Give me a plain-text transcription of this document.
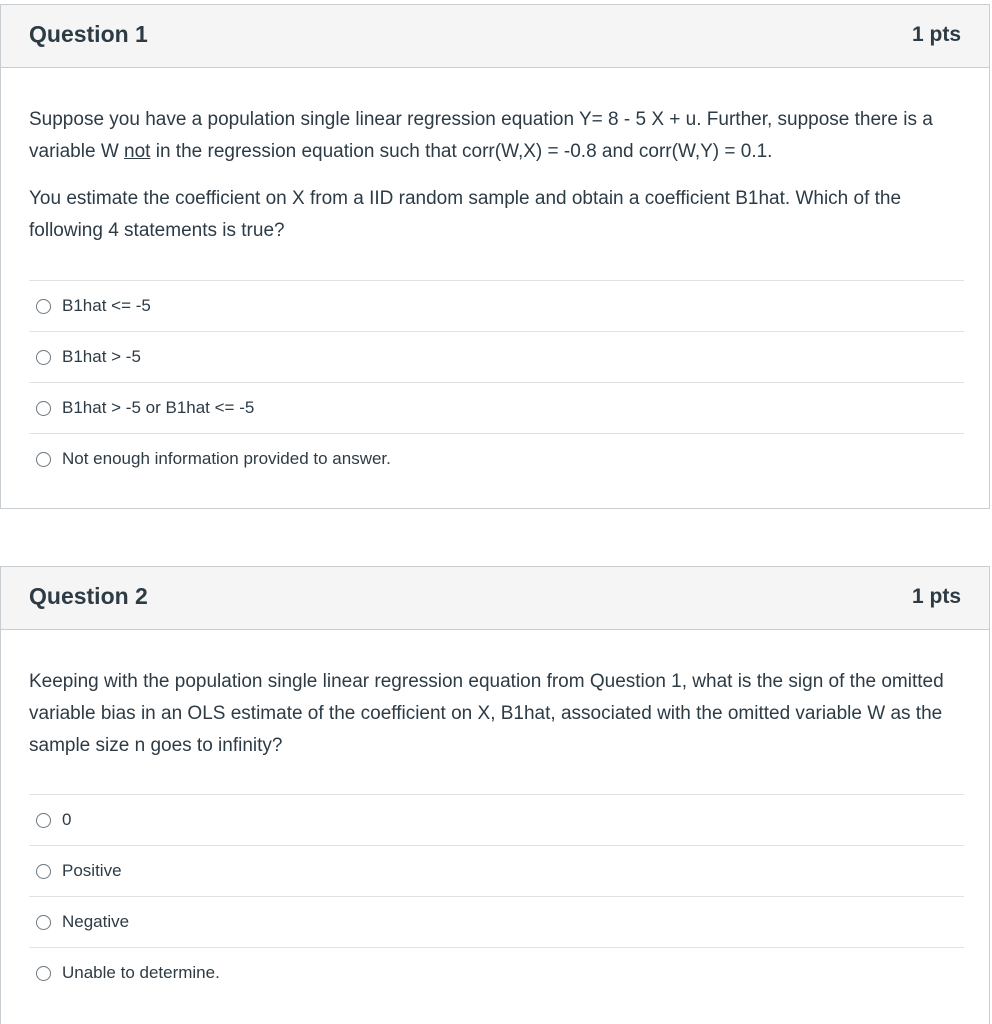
Question 1	1 pts

Suppose you have a population single linear regression equation Y= 8 - 5 X + u. Further, suppose there is a variable W not in the regression equation such that corr(W,X) = -0.8 and corr(W,Y) = 0.1.

You estimate the coefficient on X from a IID random sample and obtain a coefficient B1hat. Which of the following 4 statements is true?

B1hat <= -5
B1hat > -5
B1hat > -5 or B1hat <= -5
Not enough information provided to answer.
Question 2	1 pts

Keeping with the population single linear regression equation from Question 1, what is the sign of the omitted variable bias in an OLS estimate of the coefficient on X, B1hat, associated with the omitted variable W as the sample size n goes to infinity?

0
Positive
Negative
Unable to determine.
